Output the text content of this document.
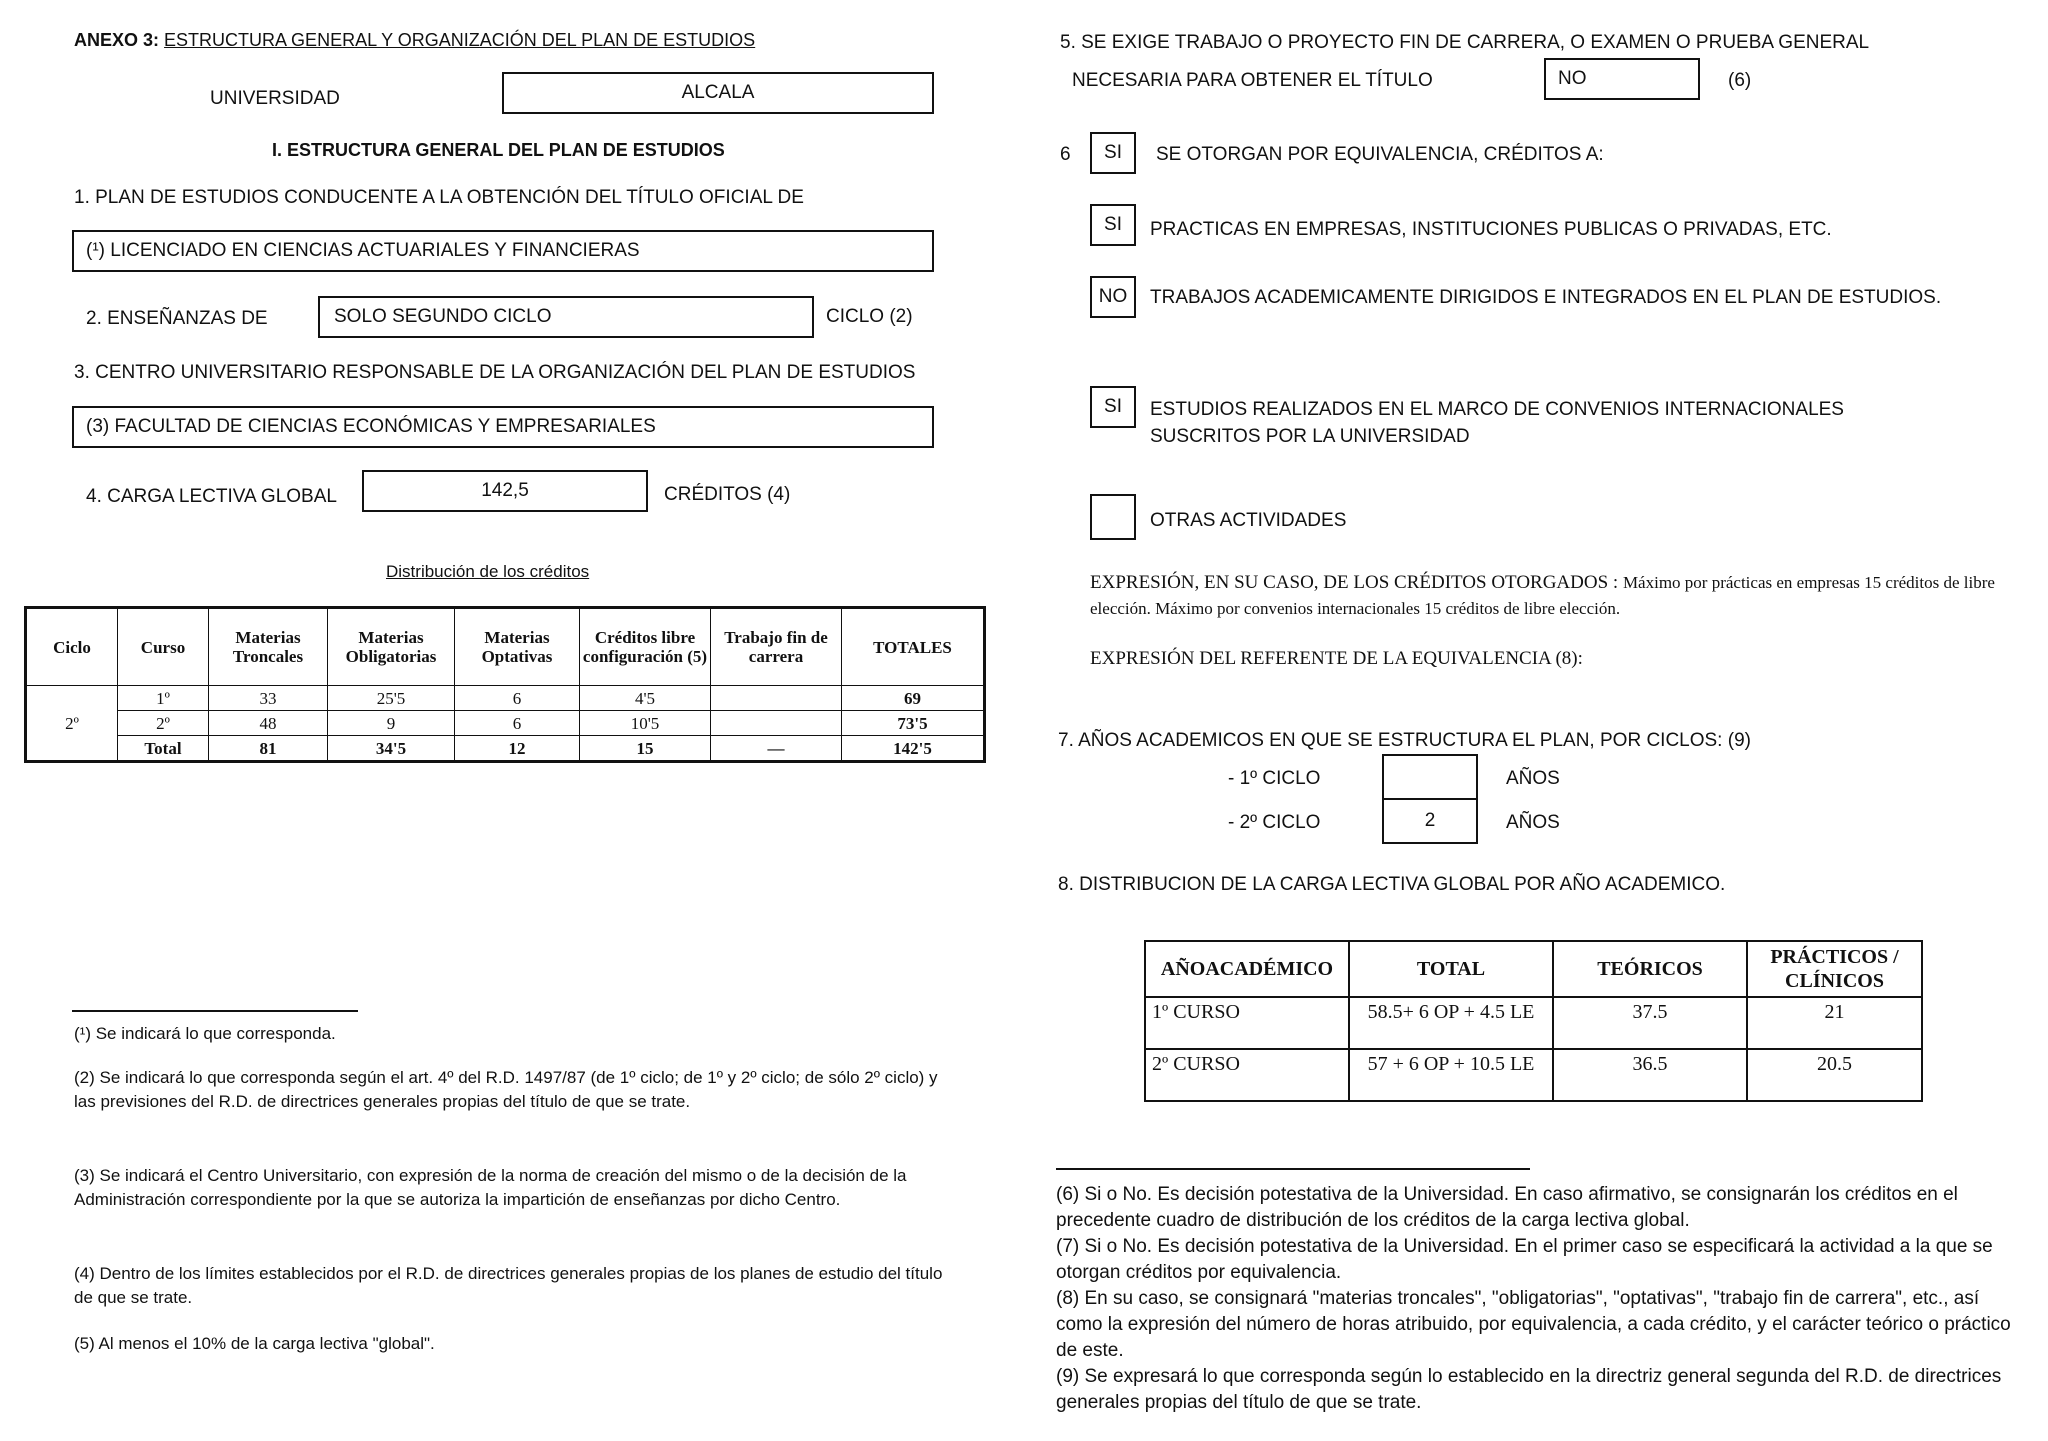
ANEXO 3: ESTRUCTURA GENERAL Y ORGANIZACIÓN DEL PLAN DE ESTUDIOS
UNIVERSIDAD	ALCALA
I. ESTRUCTURA GENERAL DEL PLAN DE ESTUDIOS
1. PLAN DE ESTUDIOS CONDUCENTE A LA OBTENCIÓN DEL TÍTULO OFICIAL DE
(¹) LICENCIADO EN CIENCIAS ACTUARIALES Y FINANCIERAS
2. ENSEÑANZAS DE	SOLO SEGUNDO CICLO	CICLO (2)
3. CENTRO UNIVERSITARIO RESPONSABLE DE LA ORGANIZACIÓN DEL PLAN DE ESTUDIOS
(3) FACULTAD DE CIENCIAS ECONÓMICAS Y EMPRESARIALES
4. CARGA LECTIVA GLOBAL	142,5	CRÉDITOS (4)
Distribución de los créditos
Ciclo	Curso	Materias Troncales	Materias Obligatorias	Materias Optativas	Créditos libre configuración (5)	Trabajo fin de carrera	TOTALES
2º	1º	33	25'5	6	4'5		69
	2º	48	9	6	10'5		73'5
	Total	81	34'5	12	15	—	142'5
(¹) Se indicará lo que corresponda.
(2) Se indicará lo que corresponda según el art. 4º del R.D. 1497/87 (de 1º ciclo; de 1º y 2º ciclo; de sólo 2º ciclo) y las previsiones del R.D. de directrices generales propias del título de que se trate.
(3) Se indicará el Centro Universitario, con expresión de la norma de creación del mismo o de la decisión de la Administración correspondiente por la que se autoriza la impartición de enseñanzas por dicho Centro.
(4) Dentro de los límites establecidos por el R.D. de directrices generales propias de los planes de estudio del título de que se trate.
(5) Al menos el 10% de la carga lectiva "global".
5. SE EXIGE TRABAJO O PROYECTO FIN DE CARRERA, O EXAMEN O PRUEBA GENERAL
NECESARIA PARA OBTENER EL TÍTULO	NO	(6)
6 SI SE OTORGAN POR EQUIVALENCIA, CRÉDITOS A:
SI PRACTICAS EN EMPRESAS, INSTITUCIONES PUBLICAS O PRIVADAS, ETC.
NO TRABAJOS ACADEMICAMENTE DIRIGIDOS E INTEGRADOS EN EL PLAN DE ESTUDIOS.
SI ESTUDIOS REALIZADOS EN EL MARCO DE CONVENIOS INTERNACIONALES SUSCRITOS POR LA UNIVERSIDAD
OTRAS ACTIVIDADES
EXPRESIÓN, EN SU CASO, DE LOS CRÉDITOS OTORGADOS : Máximo por prácticas en empresas 15 créditos de libre elección. Máximo por convenios internacionales 15 créditos de libre elección.
EXPRESIÓN DEL REFERENTE DE LA EQUIVALENCIA (8):
7. AÑOS ACADEMICOS EN QUE SE ESTRUCTURA EL PLAN, POR CICLOS: (9)
- 1º CICLO	AÑOS
- 2º CICLO	2	AÑOS
8. DISTRIBUCION DE LA CARGA LECTIVA GLOBAL POR AÑO ACADEMICO.
AÑOACADÉMICO	TOTAL	TEÓRICOS	PRÁCTICOS / CLÍNICOS
1º CURSO	58.5+ 6 OP + 4.5 LE	37.5	21
2º CURSO	57 + 6 OP + 10.5 LE	36.5	20.5
(6) Si o No. Es decisión potestativa de la Universidad. En caso afirmativo, se consignarán los créditos en el precedente cuadro de distribución de los créditos de la carga lectiva global.
(7) Si o No. Es decisión potestativa de la Universidad. En el primer caso se especificará la actividad a la que se otorgan créditos por equivalencia.
(8) En su caso, se consignará "materias troncales", "obligatorias", "optativas", "trabajo fin de carrera", etc., así como la expresión del número de horas atribuido, por equivalencia, a cada crédito, y el carácter teórico o práctico de este.
(9) Se expresará lo que corresponda según lo establecido en la directriz general segunda del R.D. de directrices generales propias del título de que se trate.
